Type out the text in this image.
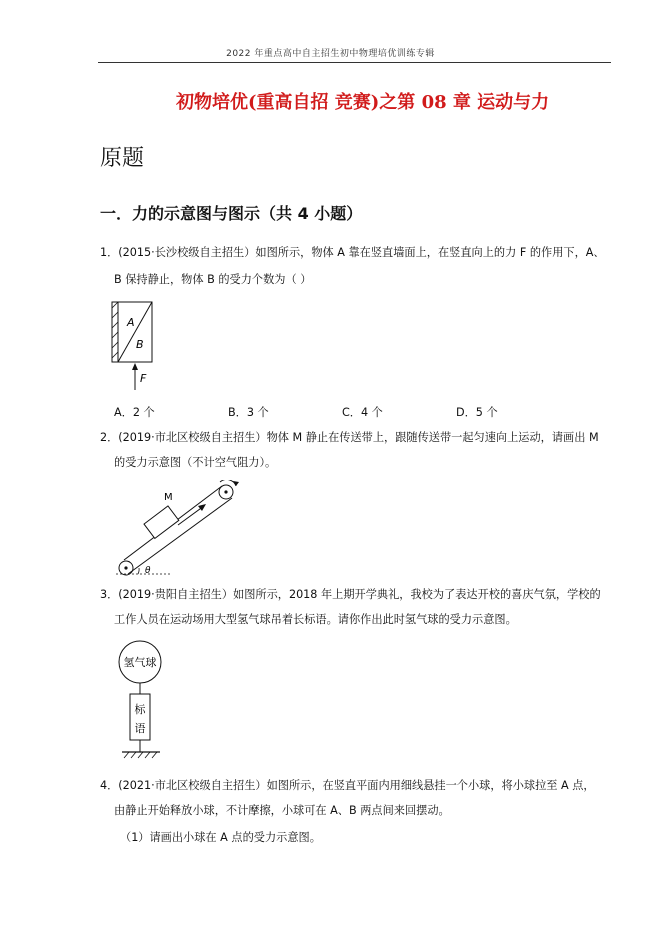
2022 年重点高中自主招生初中物理培优训练专辑
初物培优(重高自招 竞赛)之第 08 章 运动与力
原题
一．力的示意图与图示（共 4 小题）
1．(2015·长沙校级自主招生）如图所示，物体 A 靠在竖直墙面上，在竖直向上的力 F 的作用下，A、
B 保持静止，物体 B 的受力个数为（ ）
A
B
F
A．2 个	B．3 个	C．4 个	D．5 个
2．(2019·市北区校级自主招生）物体 M 静止在传送带上，跟随传送带一起匀速向上运动，请画出 M
的受力示意图（不计空气阻力）。
M
θ
3．(2019·贵阳自主招生）如图所示，2018 年上期开学典礼，我校为了表达开校的喜庆气氛，学校的
工作人员在运动场用大型氢气球吊着长标语。请你作出此时氢气球的受力示意图。
氢气球
标
语
4．(2021·市北区校级自主招生）如图所示，在竖直平面内用细线悬挂一个小球，将小球拉至 A 点，
由静止开始释放小球，不计摩擦，小球可在 A、B 两点间来回摆动。
（1）请画出小球在 A 点的受力示意图。
